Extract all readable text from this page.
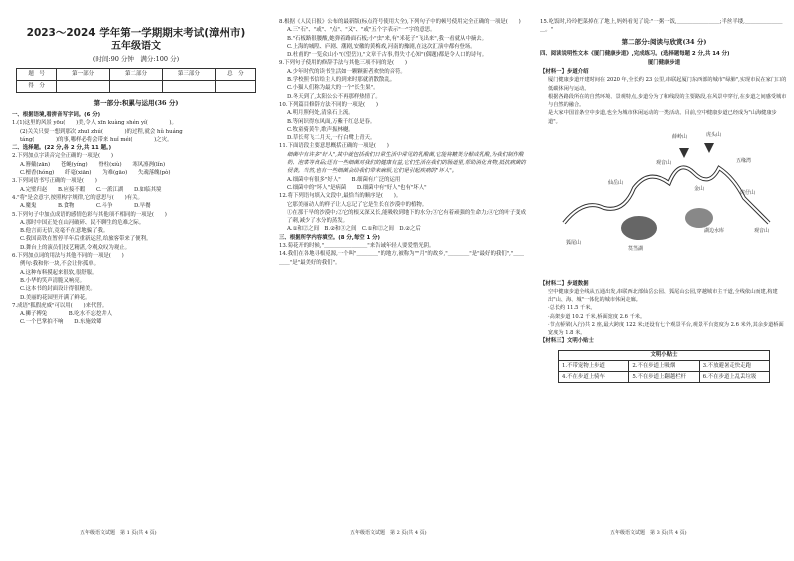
2023～2024 学年第一学期期末考试(漳州市)
五年级语文
(时间:90 分钟　满分:100 分)
题　号	第一部分	第二部分	第三部分	总　分
得　分				
第一部分:积累与运用(36 分)

一、根据语境,看拼音写字词。(6 分)

1.(1)这里的风景 yōu(　　)美,令人 xīn kuàng shén yí(　　　　)。

(2)关关只要一想到那次 zhuī zhú(　　　　)的过程,就会 hǔ huáng

táng(　　　　)的事,哪样必将会带来 huǐ méi(　　　　)之灾。

二、选择题。(22 分,各 2 分,共 11 题。)

2.下列加点字读音完全正确的一项是(　　)

A.簪戴(zān)　　苍蝇(yíng)　　脊柱(xiù)　　寒风凛冽(lǐn)

C.檀香(hóng)　　纤毫(xiān)　　为难(gāo)　　失魂落魄(pò)

3.下列词语书写正确的一项是(　　)

A.完璧归赵　　B.应接不暇　　C.一派江湖　　D.如临其境

4."将"是会意字,按照构字规律,它的意思与(　　)有关。

A.魔鬼　　　　B.食物　　　　C.斗争　　　　D.早餐

5.下列句子中加点成语的感情色彩与其他项不相同的一项是(　　)

A.那时中国正处在山河破碎、民不聊生的危难之际。

B.他言而无信,竟毫不在意地骗了我。

C.我国高铁在暂停半年后重新运营,给旅客带来了便利。

D.舞台上的演员们技艺精湛,令观众叹为观止。

6.下列加点词的用法与其他不同的一项是(　　)

例句:我和你一块,不会让你孤单。

A.这种布料摸起来很软,很舒服。

B.小华的笑声清脆又响亮。

C.这本书的封面设计得很精美。

D.美丽的花园里开满了鲜花。

7.成语"狐假虎威"可以用(　　)来代替。

A.狮子搏兔　　　　B.吃水不忘挖井人

C.一个巴掌拍不响　　D.东施效颦

8.根据《人民日报》公布的最新版(标点符号使用大全),下列句子中的顿号使用完全正确的一项是(　　)

A.三"石"、"或"、"点"、"又"、"或"五个字表示"一"字的意思。

B."石板路很腰酸,她弹着路面石板;小"虫"来,有"米花子"飞出来",我一看就从中摘去。

C.上海的城隍、庐剧、潮剧,安徽的黄梅戏,河南的豫剧,在这次汇演中都有登场。

D.杜甫的"一览众山小"(《望岳》),"文章千古事,得失寸心知"(偶题)都是令人口的诗句。

9.下列句子使用的修辞手法与其他三项不同的是(　　)

A.少年时代的读书生活如一颗颗新者欢快的音符。

B.学校照书信给主人的到来时那就消散散乱。

C.小猫人们称为最大的一个"长生果"。

D.冬天到了,太阳公公不再那样热情了。

10.下列篇目修辞方法不同的一项是(　　)

A.明月照何处,清泉石上流。

B.等闲识得东风面,万紫千红总是春。

C.牧童骑黄牛,歌声振林樾。

D.草长莺飞二月天,一行白鹭上青天。

11.下面语段主要意思概括正确的一项是(　　)

细菌中有许多"好人",其中就包括我们日常生活中常见的乳酸菌,它能将糖类分解成乳酸,为我们制作酸奶、泡菜等食品;还有一些细菌对我们的健康有益,它们生活在我们的肠道里,帮助消化食物,抵抗病菌的侵袭。当然,也有一些细菌会给我们带来麻烦,它们是引起疾病的"坏人"。

A.细菌中有很多"好人"　　B.细菌有广泛的运用

C.细菌中的"坏人"是病菌　　D.细菌中有"好人"也有"坏人"

12.将下列语句填入文段中,最恰当的顺序是(　　)。

它那美丽动人的样子让人忘记了它是生长在沙漠中的植物。

①在那干旱的沙漠中;②它的根又深又长,能吸收到地下的水分;③它有着顽强的生命力;④它的叶子变成了刺,减少了水分的蒸发。

A.①和②之间　B.②和③之间　C.①和②之间　D.②之后

三、根据所学内容填空。(8 分,每空 1 分)

13.菊花开的时候,"＿＿＿＿＿＿＿＿"来告诫年轻人要爱惜光阴。

14.我们在各地寻根觅源,一个叫"＿＿＿＿"的地方,被称为""月"的故乡,"＿＿＿＿"是"最好的我们","＿＿＿＿"是"最美好的我们"。

15.吃饭时,玲玲把菜掉在了地上,妈妈看见了说:"一粥一饭,＿＿＿＿＿＿＿＿;半丝半缕,＿＿＿＿＿＿＿＿。"

第二部分:阅读与欣赏(34 分)

四、阅读说明性文本《厦门健康步道》,完成练习。(选择题每题 2 分,共 14 分)

厦门健康步道

【材料一】步道介绍

厦门健康步道开建时间在 2020 年,全长约 23 公里,串联起厦门东西部的城市"绿肺",实现市民在家门口的低碳休闲与运动。

根据各路段所在的自然环境、景观特点,步道分为了和线段的主要路段,在风景中穿行,在步道之间感受城市与自然的融合。

是大家中国首条空中步道,也全为城市休闲运动的一类活动。目前,空中健康步道已经成为"山海健康步道"。

薛岭山	虎头山
观音山
仙岳山
五缘湾
狐尾山
金山
虎仔山
湖边水库
筼筜湖
观音山

【材料二】步道数据

空中健康步道全线从五通出发,串联西北部仙岳公园、狐尾山公园,穿越城市主干道,全线依山而建,构建出"山、海、城"一体化的城市休闲走廊。

·总长约 11.5 千米。

·高架步道 10.2 千米,桥面宽度 2.6 千米。

·节点桥梁(入行)共 2 座,最大跨度 122 米;还设有七个观景平台,观景平台宽度为 2.6 米外,其余步道桥面宽度为 1.8 米。

【材料三】文明小贴士

文明小贴士
1.不带宠物上步道	2.不在步道上吸烟	3.不放避暑走快走跑
4.不在步道上骑车	5.不在步道上翻越栏杆	6.不在步道上乱丢垃圾
五年级语文试题　第 1 页(共 4 页)	五年级语文试题　第 2 页(共 4 页)	五年级语文试题　第 3 页(共 4 页)
